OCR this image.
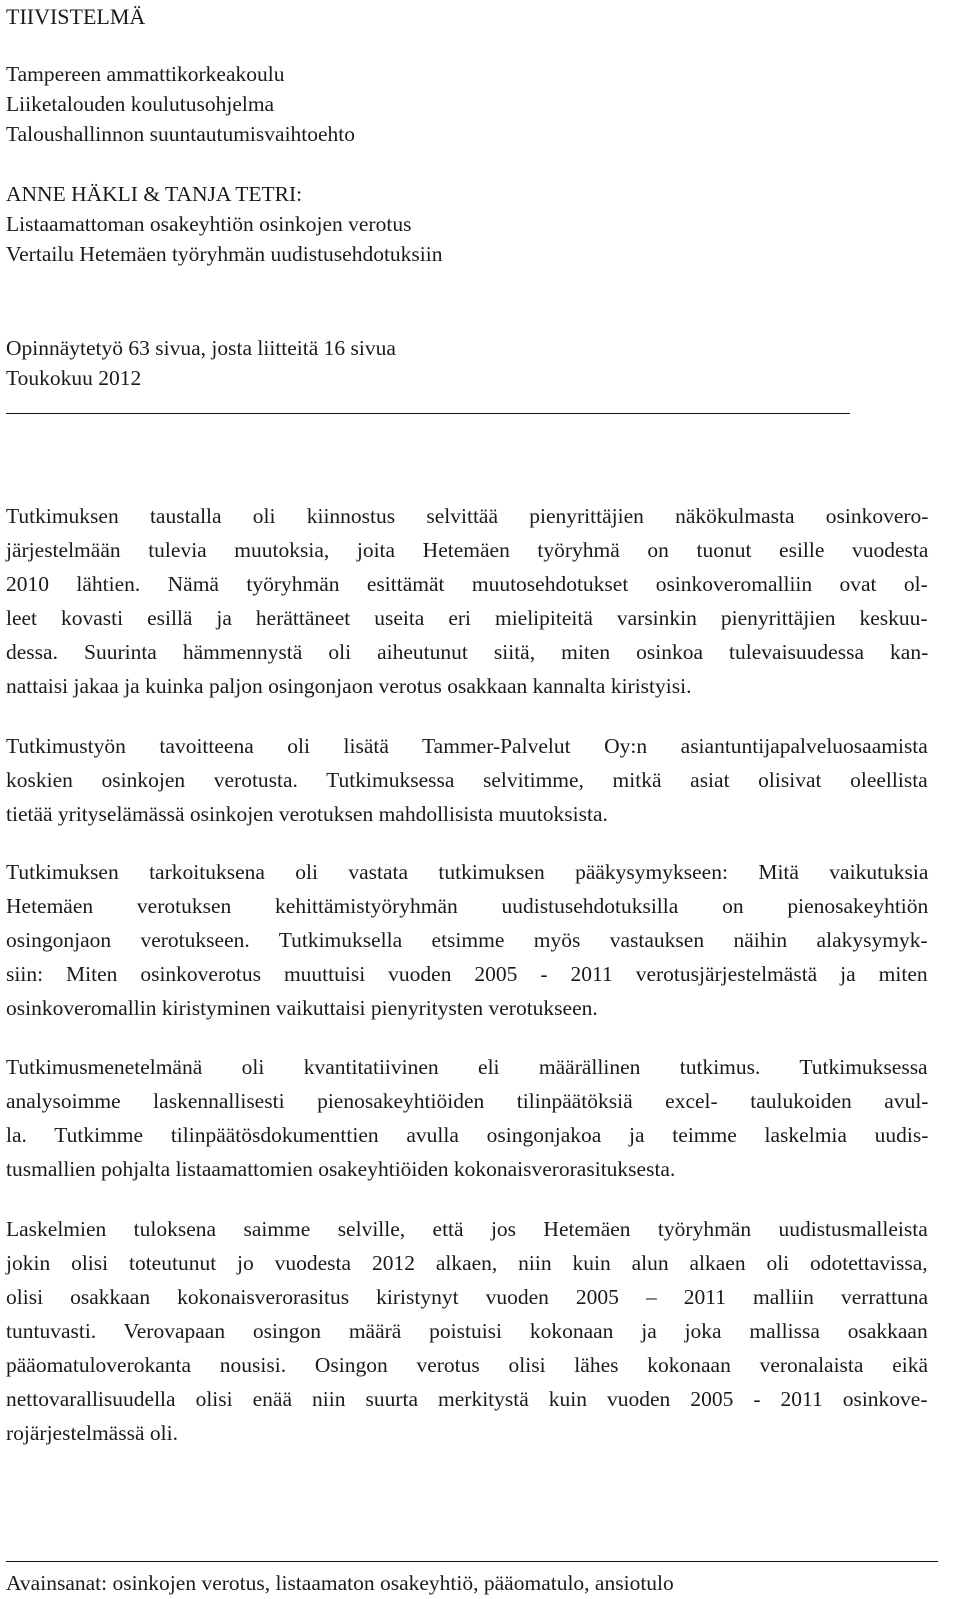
TIIVISTELMÄ
Tampereen ammattikorkeakoulu
Liiketalouden koulutusohjelma
Taloushallinnon suuntautumisvaihtoehto
ANNE HÄKLI & TANJA TETRI:
Listaamattoman osakeyhtiön osinkojen verotus
Vertailu Hetemäen työryhmän uudistusehdotuksiin
Opinnäytetyö 63 sivua, josta liitteitä 16 sivua
Toukokuu 2012
Tutkimuksen taustalla oli kiinnostus selvittää pienyrittäjien näkökulmasta osinkovero-
järjestelmään tulevia muutoksia, joita Hetemäen työryhmä on tuonut esille vuodesta
2010 lähtien. Nämä työryhmän esittämät muutosehdotukset osinkoveromalliin ovat ol-
leet kovasti esillä ja herättäneet useita eri mielipiteitä varsinkin pienyrittäjien keskuu-
dessa. Suurinta hämmennystä oli aiheutunut siitä, miten osinkoa tulevaisuudessa kan-
nattaisi jakaa ja kuinka paljon osingonjaon verotus osakkaan kannalta kiristyisi.
Tutkimustyön tavoitteena oli lisätä Tammer-Palvelut Oy:n asiantuntijapalveluosaamista
koskien osinkojen verotusta. Tutkimuksessa selvitimme, mitkä asiat olisivat oleellista
tietää yrityselämässä osinkojen verotuksen mahdollisista muutoksista.
Tutkimuksen tarkoituksena oli vastata tutkimuksen pääkysymykseen: Mitä vaikutuksia
Hetemäen verotuksen kehittämistyöryhmän uudistusehdotuksilla on pienosakeyhtiön
osingonjaon verotukseen. Tutkimuksella etsimme myös vastauksen näihin alakysymyk-
siin: Miten osinkoverotus muuttuisi vuoden 2005 - 2011 verotusjärjestelmästä ja miten
osinkoveromallin kiristyminen vaikuttaisi pienyritysten verotukseen.
Tutkimusmenetelmänä oli kvantitatiivinen eli määrällinen tutkimus. Tutkimuksessa
analysoimme laskennallisesti pienosakeyhtiöiden tilinpäätöksiä excel- taulukoiden avul-
la. Tutkimme tilinpäätösdokumenttien avulla osingonjakoa ja teimme laskelmia uudis-
tusmallien pohjalta listaamattomien osakeyhtiöiden kokonaisverorasituksesta.
Laskelmien tuloksena saimme selville, että jos Hetemäen työryhmän uudistusmalleista
jokin olisi toteutunut jo vuodesta 2012 alkaen, niin kuin alun alkaen oli odotettavissa,
olisi osakkaan kokonaisverorasitus kiristynyt vuoden 2005 – 2011 malliin verrattuna
tuntuvasti. Verovapaan osingon määrä poistuisi kokonaan ja joka mallissa osakkaan
pääomatuloverokanta nousisi. Osingon verotus olisi lähes kokonaan veronalaista eikä
nettovarallisuudella olisi enää niin suurta merkitystä kuin vuoden 2005 - 2011 osinkove-
rojärjestelmässä oli.
Avainsanat: osinkojen verotus, listaamaton osakeyhtiö, pääomatulo, ansiotulo
